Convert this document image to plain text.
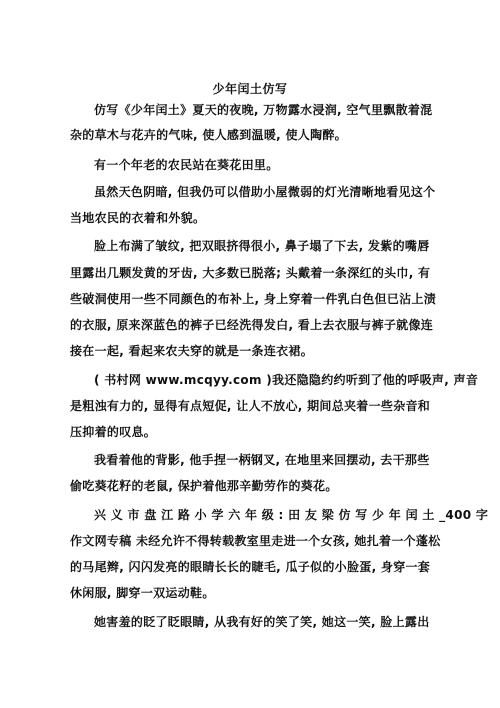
少年闰土仿写
仿写《少年闰土》夏天的夜晚, 万物露水浸润, 空气里飘散着混
杂的草木与花卉的气味, 使人感到温暖, 使人陶醉。
有一个年老的农民站在葵花田里。
虽然天色阴暗, 但我仍可以借助小屋微弱的灯光清晰地看见这个
当地农民的衣着和外貌。
脸上布满了皱纹, 把双眼挤得很小, 鼻子塌了下去, 发紫的嘴唇
里露出几颗发黄的牙齿, 大多数已脱落; 头戴着一条深红的头巾, 有
些破洞使用一些不同颜色的布补上, 身上穿着一件乳白色但已沾上渍
的衣服, 原来深蓝色的裤子已经洗得发白, 看上去衣服与裤子就像连
接在一起, 看起来农夫穿的就是一条连衣裙。
( 书村网 www.mcqyy.com )我还隐隐约约听到了他的呼吸声, 声音
是粗浊有力的, 显得有点短促, 让人不放心, 期间总夹着一些杂音和
压抑着的叹息。
我看着他的背影, 他手捏一柄钢叉, 在地里来回摆动, 去干那些
偷吃葵花籽的老鼠, 保护着他那辛勤劳作的葵花。
兴 义 市 盘 江 路 小 学 六 年 级 : 田 友 梁 仿 写 少 年 闰 土 _400 字
作文网专稿 未经允许不得转载教室里走进一个女孩, 她扎着一个蓬松
的马尾辫, 闪闪发亮的眼睛长长的睫毛, 瓜子似的小脸蛋, 身穿一套
休闲服, 脚穿一双运动鞋。
她害羞的眨了眨眼睛, 从我有好的笑了笑, 她这一笑, 脸上露出
